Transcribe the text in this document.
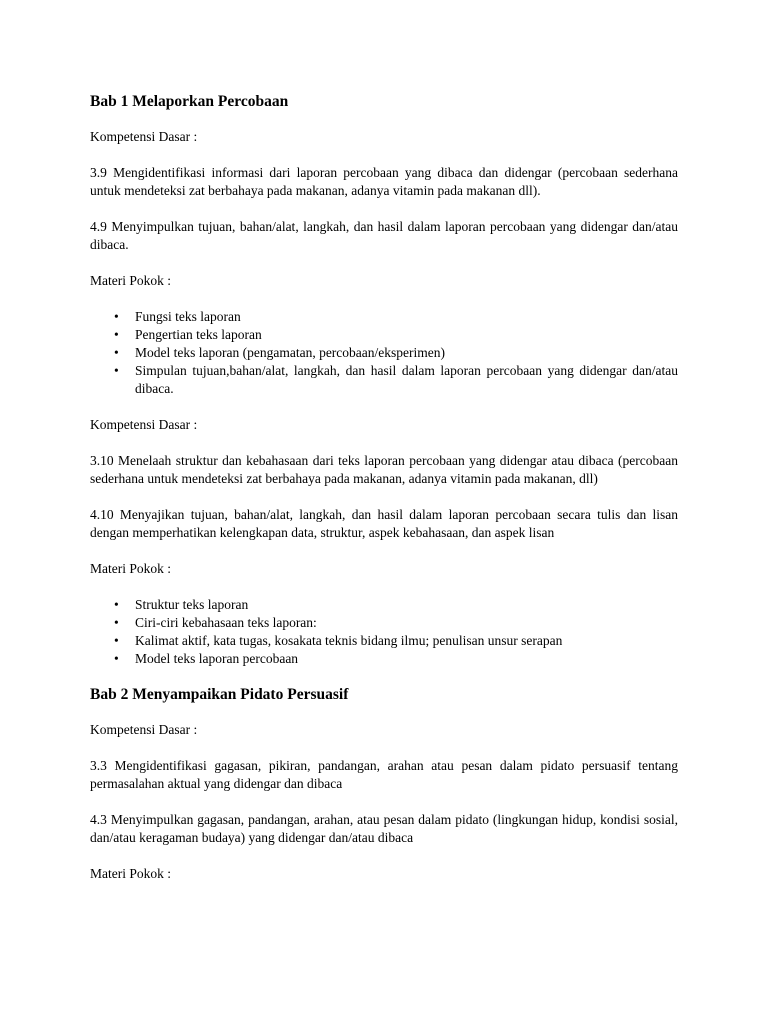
Bab 1 Melaporkan Percobaan
Kompetensi Dasar :
3.9 Mengidentifikasi informasi dari laporan percobaan yang dibaca dan didengar (percobaan sederhana untuk mendeteksi zat berbahaya pada makanan, adanya vitamin pada makanan dll).
4.9 Menyimpulkan tujuan, bahan/alat, langkah, dan hasil dalam laporan percobaan yang didengar dan/atau dibaca.
Materi Pokok :
• Fungsi teks laporan
• Pengertian teks laporan
• Model teks laporan (pengamatan, percobaan/eksperimen)
• Simpulan tujuan,bahan/alat, langkah, dan hasil dalam laporan percobaan yang didengar dan/atau dibaca.
Kompetensi Dasar :
3.10 Menelaah struktur dan kebahasaan dari teks laporan percobaan yang didengar atau dibaca (percobaan sederhana untuk mendeteksi zat berbahaya pada makanan, adanya vitamin pada makanan, dll)
4.10 Menyajikan tujuan, bahan/alat, langkah, dan hasil dalam laporan percobaan secara tulis dan lisan dengan memperhatikan kelengkapan data, struktur, aspek kebahasaan, dan aspek lisan
Materi Pokok :
• Struktur teks laporan
• Ciri-ciri kebahasaan teks laporan:
• Kalimat aktif, kata tugas, kosakata teknis bidang ilmu; penulisan unsur serapan
• Model teks laporan percobaan
Bab 2 Menyampaikan Pidato Persuasif
Kompetensi Dasar :
3.3 Mengidentifikasi gagasan, pikiran, pandangan, arahan atau pesan dalam pidato persuasif tentang permasalahan aktual yang didengar dan dibaca
4.3 Menyimpulkan gagasan, pandangan, arahan, atau pesan dalam pidato (lingkungan hidup, kondisi sosial, dan/atau keragaman budaya) yang didengar dan/atau dibaca
Materi Pokok :
